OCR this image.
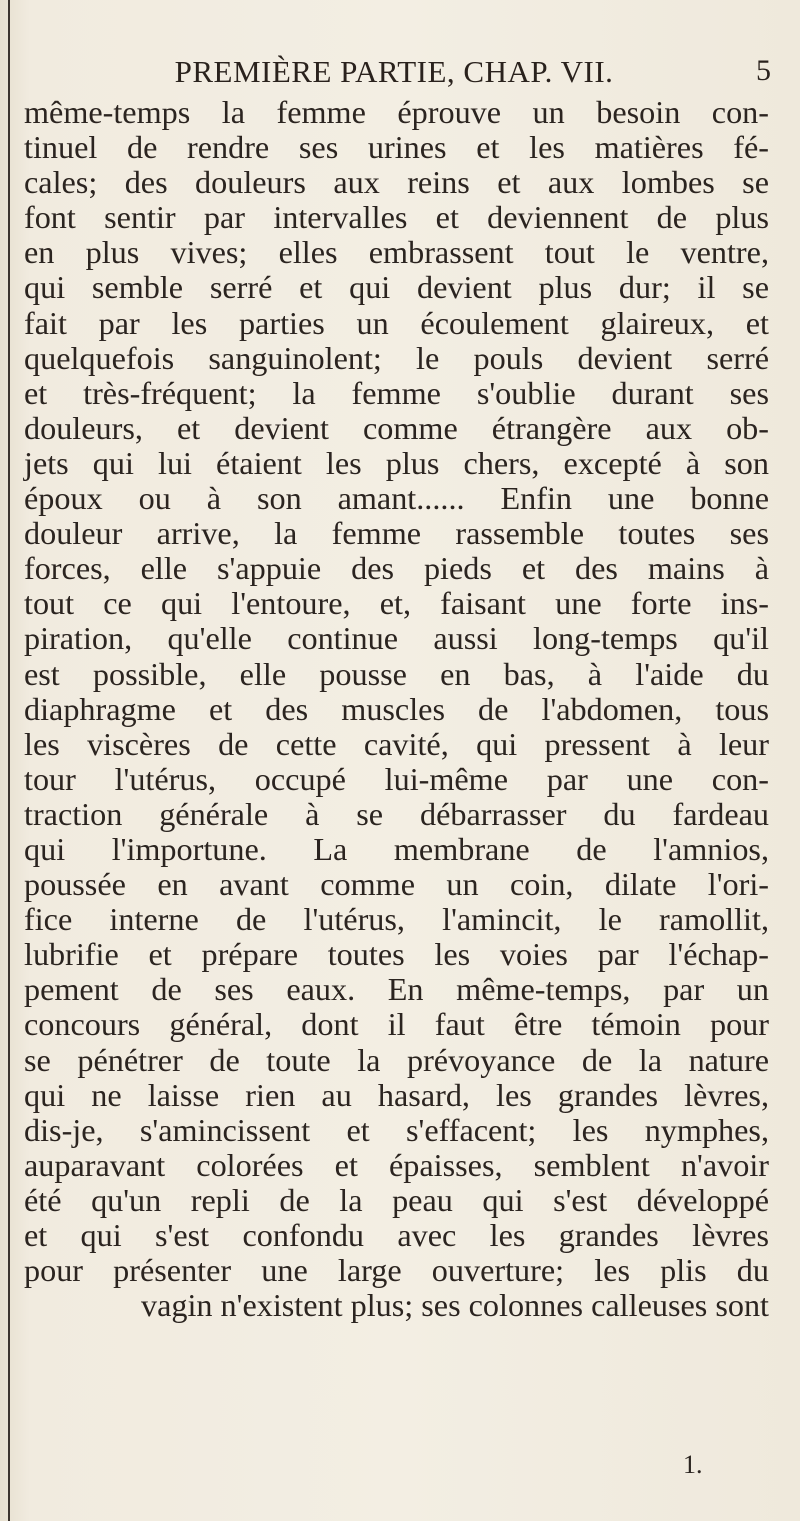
PREMIÈRE PARTIE, CHAP. VII.	5
même-temps la femme éprouve un besoin con-
tinuel de rendre ses urines et les matières fé-
cales; des douleurs aux reins et aux lombes se
font sentir par intervalles et deviennent de plus
en plus vives; elles embrassent tout le ventre,
qui semble serré et qui devient plus dur; il se
fait par les parties un écoulement glaireux, et
quelquefois sanguinolent; le pouls devient serré
et très-fréquent; la femme s'oublie durant ses
douleurs, et devient comme étrangère aux ob-
jets qui lui étaient les plus chers, excepté à son
époux ou à son amant...... Enfin une bonne
douleur arrive, la femme rassemble toutes ses
forces, elle s'appuie des pieds et des mains à
tout ce qui l'entoure, et, faisant une forte ins-
piration, qu'elle continue aussi long-temps qu'il
est possible, elle pousse en bas, à l'aide du
diaphragme et des muscles de l'abdomen, tous
les viscères de cette cavité, qui pressent à leur
tour l'utérus, occupé lui-même par une con-
traction générale à se débarrasser du fardeau
qui l'importune. La membrane de l'amnios,
poussée en avant comme un coin, dilate l'ori-
fice interne de l'utérus, l'amincit, le ramollit,
lubrifie et prépare toutes les voies par l'échap-
pement de ses eaux. En même-temps, par un
concours général, dont il faut être témoin pour
se pénétrer de toute la prévoyance de la nature
qui ne laisse rien au hasard, les grandes lèvres,
dis-je, s'amincissent et s'effacent; les nymphes,
auparavant colorées et épaisses, semblent n'avoir
été qu'un repli de la peau qui s'est développé
et qui s'est confondu avec les grandes lèvres
pour présenter une large ouverture; les plis du
vagin n'existent plus; ses colonnes calleuses sont
1.
